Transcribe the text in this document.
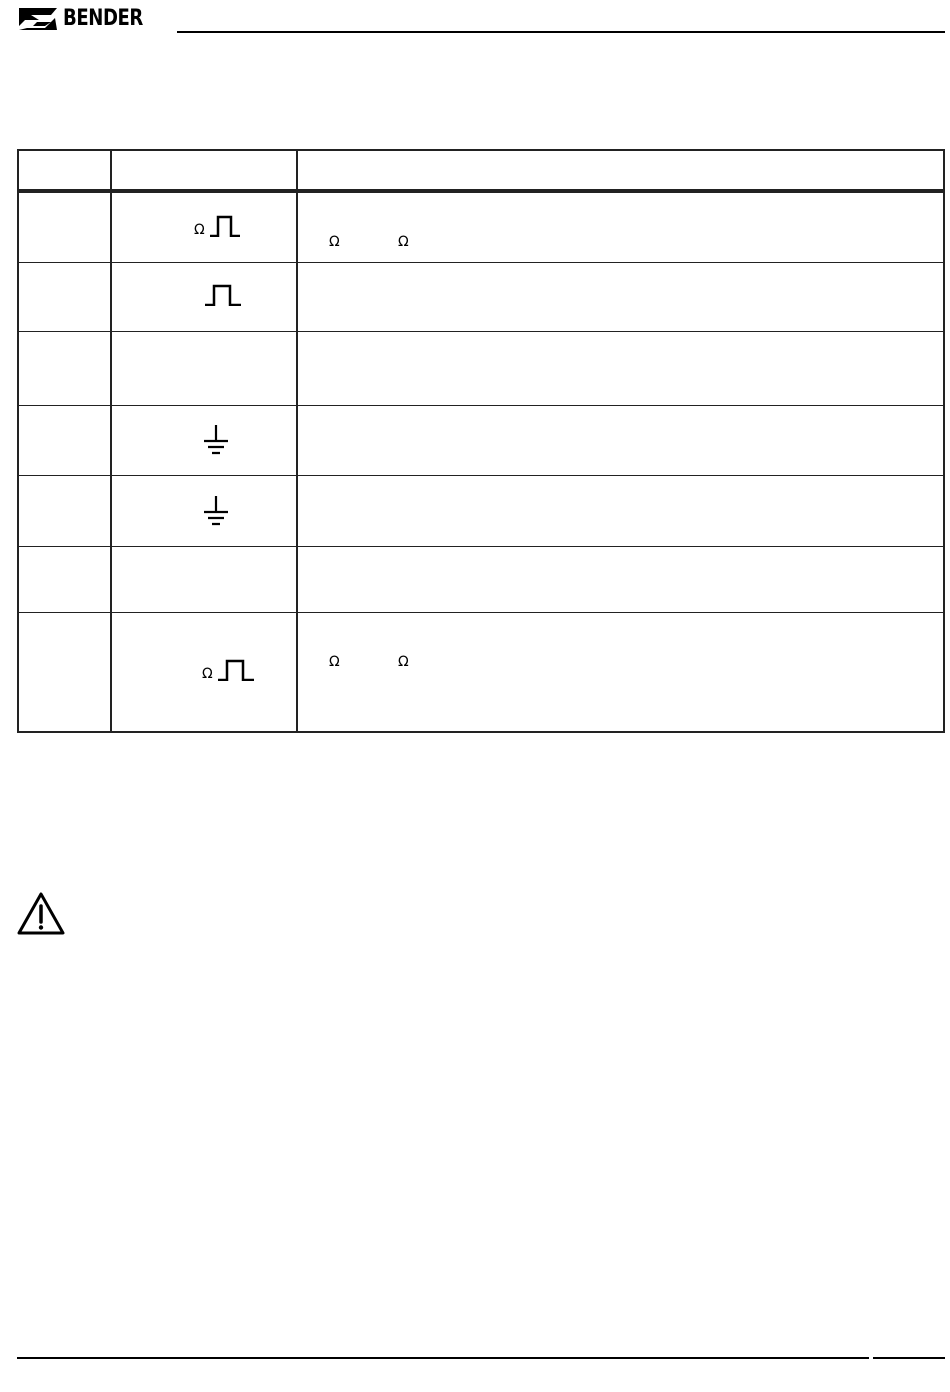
BENDER
Ω
Ω	Ω
Ω
Ω	Ω
